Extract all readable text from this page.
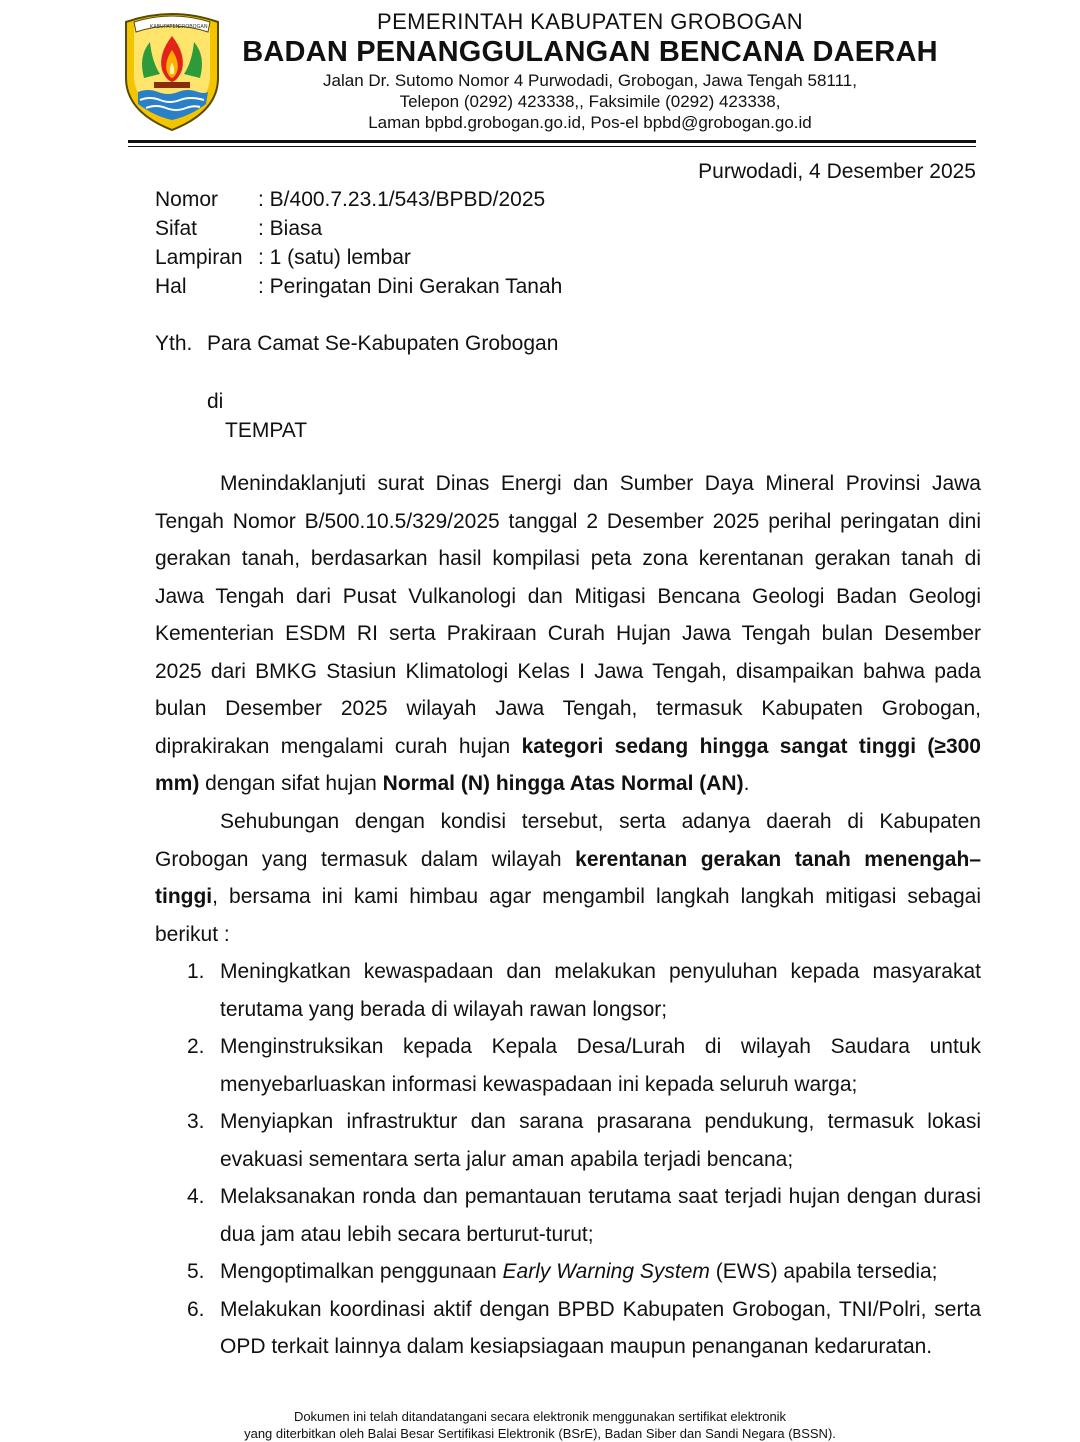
KABUPATEN
GROBOGAN	PEMERINTAH KABUPATEN GROBOGAN
BADAN PENANGGULANGAN BENCANA DAERAH
Jalan Dr. Sutomo Nomor 4 Purwodadi, Grobogan, Jawa Tengah 58111,
Telepon (0292) 423338,, Faksimile (0292) 423338,
Laman bpbd.grobogan.go.id, Pos-el bpbd@grobogan.go.id
Purwodadi, 4 Desember 2025
Nomor : B/400.7.23.1/543/BPBD/2025
Sifat	: Biasa
Lampiran : 1 (satu) lembar
Hal	: Peringatan Dini Gerakan Tanah
Yth. Para Camat Se-Kabupaten Grobogan
di
TEMPAT

Menindaklanjuti surat Dinas Energi dan Sumber Daya Mineral Provinsi Jawa Tengah Nomor B/500.10.5/329/2025 tanggal 2 Desember 2025 perihal peringatan dini gerakan tanah, berdasarkan hasil kompilasi peta zona kerentanan gerakan tanah di Jawa Tengah dari Pusat Vulkanologi dan Mitigasi Bencana Geologi Badan Geologi Kementerian ESDM RI serta Prakiraan Curah Hujan Jawa Tengah bulan Desember 2025 dari BMKG Stasiun Klimatologi Kelas I Jawa Tengah, disampaikan bahwa pada bulan Desember 2025 wilayah Jawa Tengah, termasuk Kabupaten Grobogan, diprakirakan mengalami curah hujan kategori sedang hingga sangat tinggi (≥300 mm) dengan sifat hujan Normal (N) hingga Atas Normal (AN).

Sehubungan dengan kondisi tersebut, serta adanya daerah di Kabupaten Grobogan yang termasuk dalam wilayah kerentanan gerakan tanah menengah–tinggi, bersama ini kami himbau agar mengambil langkah langkah mitigasi sebagai berikut :

1. Meningkatkan kewaspadaan dan melakukan penyuluhan kepada masyarakat terutama yang berada di wilayah rawan longsor;
2. Menginstruksikan kepada Kepala Desa/Lurah di wilayah Saudara untuk menyebarluaskan informasi kewaspadaan ini kepada seluruh warga;
3. Menyiapkan infrastruktur dan sarana prasarana pendukung, termasuk lokasi evakuasi sementara serta jalur aman apabila terjadi bencana;
4. Melaksanakan ronda dan pemantauan terutama saat terjadi hujan dengan durasi dua jam atau lebih secara berturut-turut;
5. Mengoptimalkan penggunaan Early Warning System (EWS) apabila tersedia;
6. Melakukan koordinasi aktif dengan BPBD Kabupaten Grobogan, TNI/Polri, serta OPD terkait lainnya dalam kesiapsiagaan maupun penanganan kedaruratan.
Dokumen ini telah ditandatangani secara elektronik menggunakan sertifikat elektronik
yang diterbitkan oleh Balai Besar Sertifikasi Elektronik (BSrE), Badan Siber dan Sandi Negara (BSSN).
